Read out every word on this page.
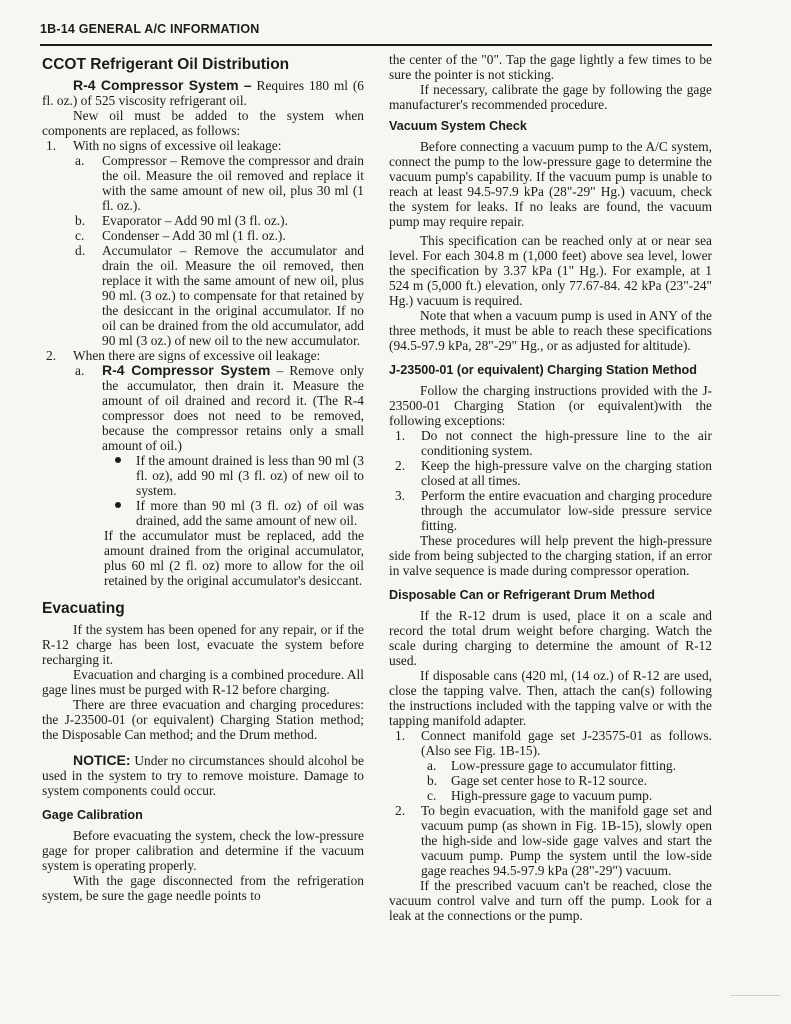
1B-14 GENERAL A/C INFORMATION
CCOT Refrigerant Oil Distribution

R-4 Compressor System – Requires 180 ml (6 fl. oz.) of 525 viscosity refrigerant oil.

New oil must be added to the system when components are replaced, as follows:

1.	With no signs of excessive oil leakage:
a.	Compressor – Remove the compressor and drain the oil. Measure the oil removed and replace it with the same amount of new oil, plus 30 ml (1 fl. oz.).
b.	Evaporator – Add 90 ml (3 fl. oz.).
c.	Condenser – Add 30 ml (1 fl. oz.).
d.	Accumulator – Remove the accumulator and drain the oil. Measure the oil removed, then replace it with the same amount of new oil, plus 90 ml. (3 oz.) to compensate for that retained by the desiccant in the original accumulator. If no oil can be drained from the old accumulator, add 90 ml (3 oz.) of new oil to the new accumulator.
2.	When there are signs of excessive oil leakage:
a.	R-4 Compressor System – Remove only the accumulator, then drain it. Measure the amount of oil drained and record it. (The R-4 compressor does not need to be removed, because the compressor retains only a small amount of oil.)
If the amount drained is less than 90 ml (3 fl. oz), add 90 ml (3 fl. oz) of new oil to system.
If more than 90 ml (3 fl. oz) of oil was drained, add the same amount of new oil.

If the accumulator must be replaced, add the amount drained from the original accumulator, plus 60 ml (2 fl. oz) more to allow for the oil retained by the original accumulator's desiccant.

Evacuating

If the system has been opened for any repair, or if the R-12 charge has been lost, evacuate the system before recharging it.

Evacuation and charging is a combined procedure. All gage lines must be purged with R-12 before charging.

There are three evacuation and charging procedures: the J-23500-01 (or equivalent) Charging Station method; the Disposable Can method; and the Drum method.

NOTICE: Under no circumstances should alcohol be used in the system to try to remove moisture. Damage to system components could occur.

Gage Calibration

Before evacuating the system, check the low-pressure gage for proper calibration and determine if the vacuum system is operating properly.

With the gage disconnected from the refrigeration system, be sure the gage needle points to

the center of the "0". Tap the gage lightly a few times to be sure the pointer is not sticking.

If necessary, calibrate the gage by following the gage manufacturer's recommended procedure.

Vacuum System Check

Before connecting a vacuum pump to the A/C system, connect the pump to the low-pressure gage to determine the vacuum pump's capability. If the vacuum pump is unable to reach at least 94.5-97.9 kPa (28"-29" Hg.) vacuum, check the system for leaks. If no leaks are found, the vacuum pump may require repair.

This specification can be reached only at or near sea level. For each 304.8 m (1,000 feet) above sea level, lower the specification by 3.37 kPa (1" Hg.). For example, at 1 524 m (5,000 ft.) elevation, only 77.67-84. 42 kPa (23"-24" Hg.) vacuum is required.

Note that when a vacuum pump is used in ANY of the three methods, it must be able to reach these specifications (94.5-97.9 kPa, 28"-29" Hg., or as adjusted for altitude).

J-23500-01 (or equivalent) Charging Station Method

Follow the charging instructions provided with the J-23500-01 Charging Station (or equivalent)with the following exceptions:

1.	Do not connect the high-pressure line to the air conditioning system.
2.	Keep the high-pressure valve on the charging station closed at all times.
3.	Perform the entire evacuation and charging procedure through the accumulator low-side pressure service fitting.

These procedures will help prevent the high-pressure side from being subjected to the charging station, if an error in valve sequence is made during compressor operation.

Disposable Can or Refrigerant Drum Method

If the R-12 drum is used, place it on a scale and record the total drum weight before charging. Watch the scale during charging to determine the amount of R-12 used.

If disposable cans (420 ml, (14 oz.) of R-12 are used, close the tapping valve. Then, attach the can(s) following the instructions included with the tapping valve or with the tapping manifold adapter.

1.	Connect manifold gage set J-23575-01 as follows. (Also see Fig. 1B-15).
a.	Low-pressure gage to accumulator fitting.
b.	Gage set center hose to R-12 source.
c.	High-pressure gage to vacuum pump.
2.	To begin evacuation, with the manifold gage set and vacuum pump (as shown in Fig. 1B-15), slowly open the high-side and low-side gage valves and start the vacuum pump. Pump the system until the low-side gage reaches 94.5-97.9 kPa (28"-29") vacuum.

If the prescribed vacuum can't be reached, close the vacuum control valve and turn off the pump. Look for a leak at the connections or the pump.
